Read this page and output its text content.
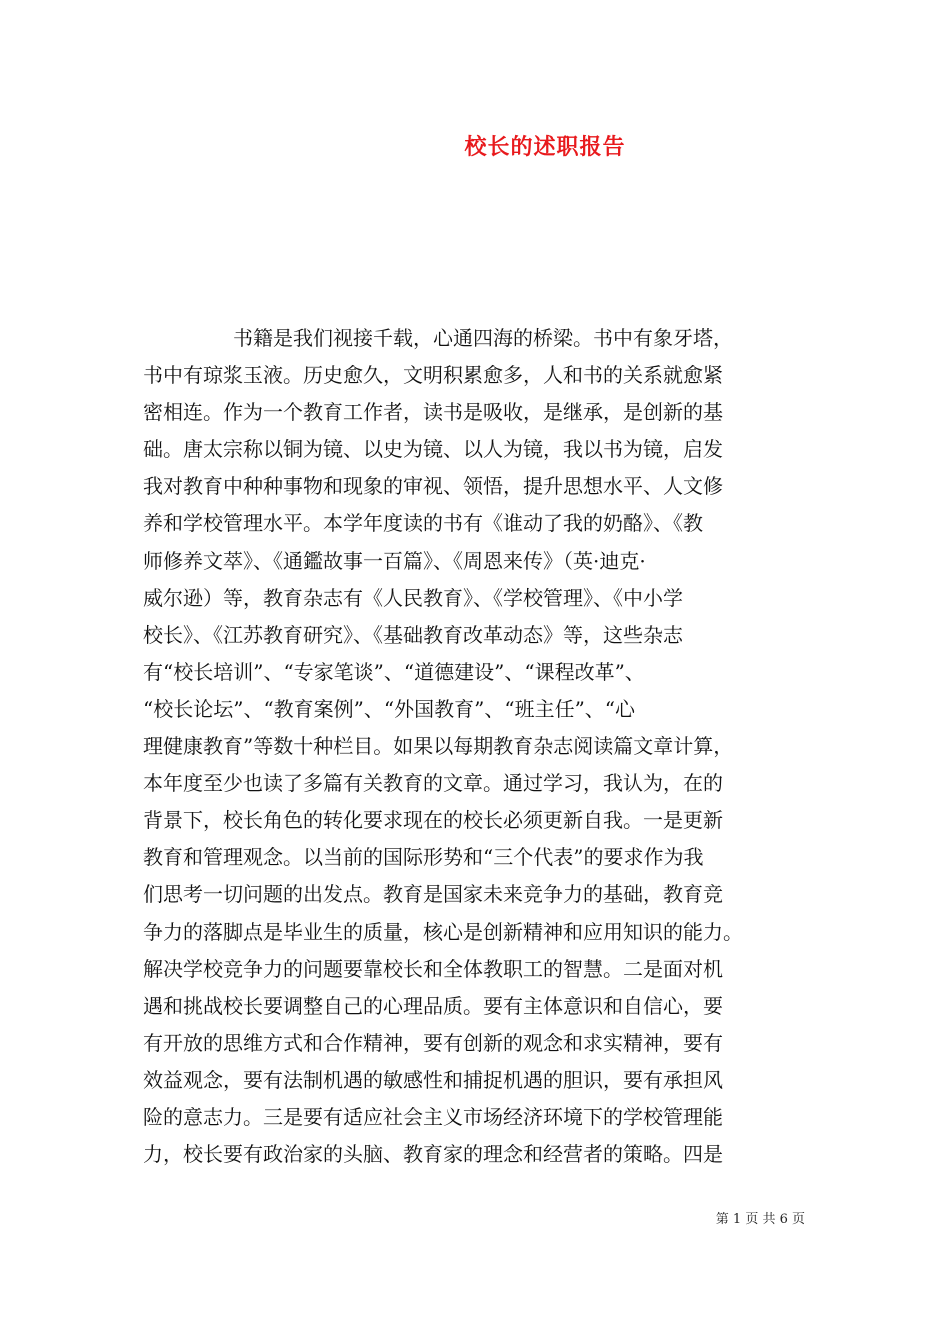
校长的述职报告
书籍是我们视接千载，心通四海的桥梁。书中有象牙塔，
书中有琼浆玉液。历史愈久，文明积累愈多，人和书的关系就愈紧
密相连。作为一个教育工作者，读书是吸收，是继承，是创新的基
础。唐太宗称以铜为镜、以史为镜、以人为镜，我以书为镜，启发
我对教育中种种事物和现象的审视、领悟，提升思想水平、人文修
养和学校管理水平。本学年度读的书有《谁动了我的奶酪》、《教
师修养文萃》、《通鑑故事一百篇》、《周恩来传》（英·迪克·
威尔逊）等，教育杂志有《人民教育》、《学校管理》、《中小学
校长》、《江苏教育研究》、《基础教育改革动态》等，这些杂志
有“校长培训”、“专家笔谈”、“道德建设”、“课程改革”、
“校长论坛”、“教育案例”、“外国教育”、“班主任”、“心
理健康教育”等数十种栏目。如果以每期教育杂志阅读篇文章计算，
本年度至少也读了多篇有关教育的文章。通过学习，我认为，在的
背景下，校长角色的转化要求现在的校长必须更新自我。一是更新
教育和管理观念。以当前的国际形势和“三个代表”的要求作为我
们思考一切问题的出发点。教育是国家未来竞争力的基础，教育竞
争力的落脚点是毕业生的质量，核心是创新精神和应用知识的能力。
解决学校竞争力的问题要靠校长和全体教职工的智慧。二是面对机
遇和挑战校长要调整自己的心理品质。要有主体意识和自信心，要
有开放的思维方式和合作精神，要有创新的观念和求实精神，要有
效益观念，要有法制机遇的敏感性和捕捉机遇的胆识，要有承担风
险的意志力。三是要有适应社会主义市场经济环境下的学校管理能
力，校长要有政治家的头脑、教育家的理念和经营者的策略。四是
第 1 页 共 6 页
